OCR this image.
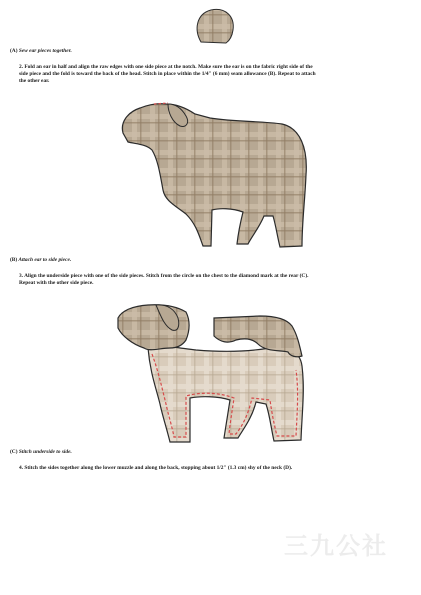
(A) Sew ear pieces together.
2. Fold an ear in half and align the raw edges with one side piece at the notch. Make sure the ear is on the fabric right side of the
side piece and the fold is toward the back of the head. Stitch in place within the 1/4" (6 mm) seam allowance (B). Repeat to attach
the other ear.
(B) Attach ear to side piece.
3. Align the underside piece with one of the side pieces. Stitch from the circle on the chest to the diamond mark at the rear (C).
Repeat with the other side piece.
(C) Stitch underside to side.
4. Stitch the sides together along the lower muzzle and along the back, stopping about 1/2" (1.3 cm) shy of the neck (D).
三九公社
